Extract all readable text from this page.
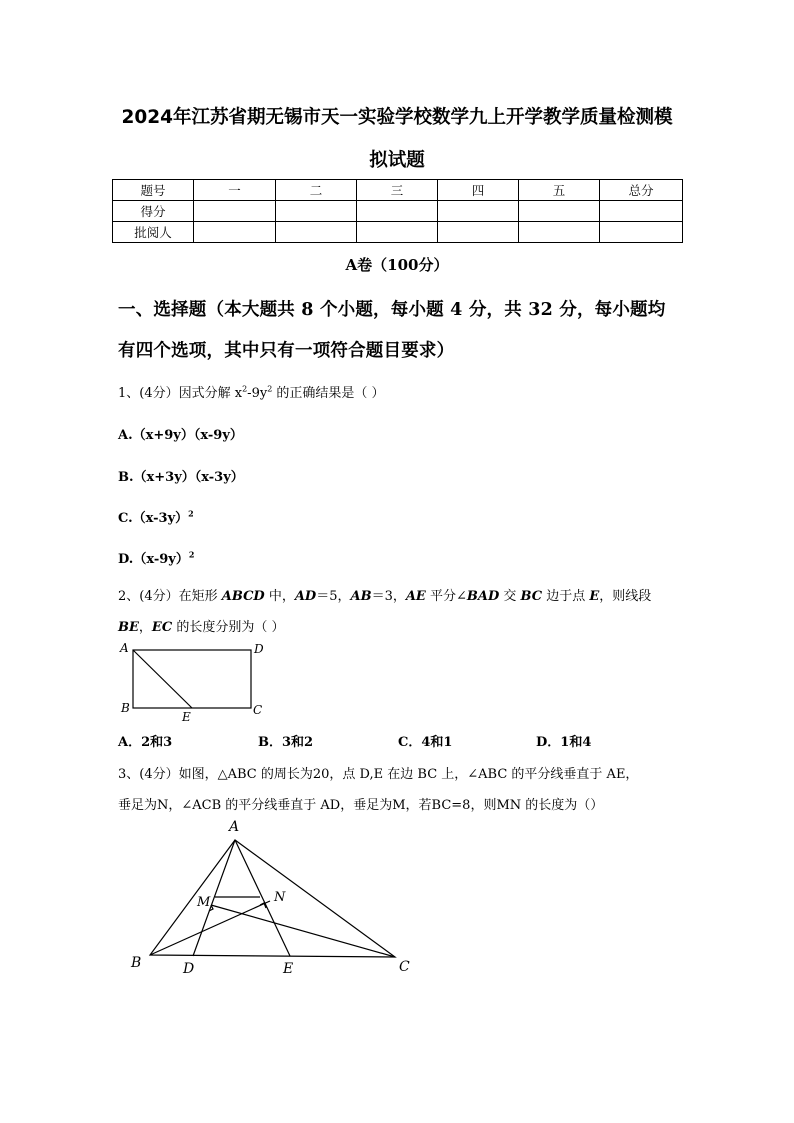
2024年江苏省期无锡市天一实验学校数学九上开学教学质量检测模
拟试题
题号	一	二	三	四	五	总分
得分						
批阅人						
A卷（100分）
一、选择题（本大题共 8 个小题，每小题 4 分，共 32 分，每小题均
有四个选项，其中只有一项符合题目要求）
1、(4分）因式分解 $x^2-9y^2$ 的正确结果是（ ）
A.（x+9y）（x-9y）
B.（x+3y）（x-3y）
$C.(x-3y)^2$
$D.(x-9y)^2$
2、(4分）在矩形 ABCD 中，AD＝5，AB＝3，AE 平分∠BAD 交 BC 边于点 E，则线段
BE，EC 的长度分别为（ ）
A	D
B	C
E
A．2和3	B．3和2	C．4和1	D．1和4
3、(4分）如图，△ABC 的周长为20，点 D,E 在边 BC 上，∠ABC 的平分线垂直于 AE，
垂足为N，∠ACB 的平分线垂直于 AD，垂足为M，若BC=8，则MN 的长度为（）
A
B	C
D	E
M	N
